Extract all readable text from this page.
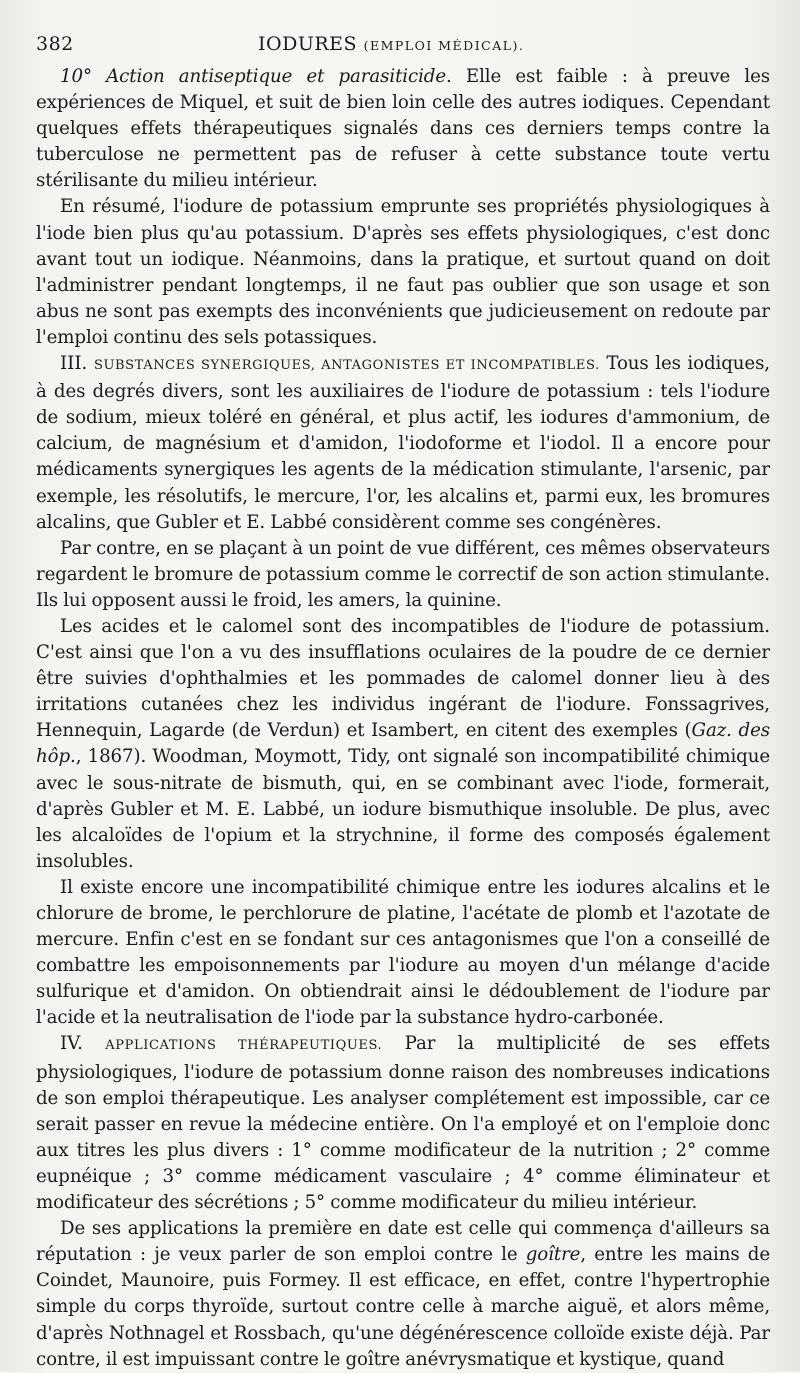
382	IODURES (EMPLOI MÉDICAL).

10° Action antiseptique et parasiticide. Elle est faible : à preuve les expériences de Miquel, et suit de bien loin celle des autres iodiques. Cependant quelques effets thérapeutiques signalés dans ces derniers temps contre la tuberculose ne permettent pas de refuser à cette substance toute vertu stérilisante du milieu intérieur.

En résumé, l'iodure de potassium emprunte ses propriétés physiologiques à l'iode bien plus qu'au potassium. D'après ses effets physiologiques, c'est donc avant tout un iodique. Néanmoins, dans la pratique, et surtout quand on doit l'administrer pendant longtemps, il ne faut pas oublier que son usage et son abus ne sont pas exempts des inconvénients que judicieusement on redoute par l'emploi continu des sels potassiques.

III. SUBSTANCES SYNERGIQUES, ANTAGONISTES ET INCOMPATIBLES. Tous les iodiques, à des degrés divers, sont les auxiliaires de l'iodure de potassium : tels l'iodure de sodium, mieux toléré en général, et plus actif, les iodures d'ammonium, de calcium, de magnésium et d'amidon, l'iodoforme et l'iodol. Il a encore pour médicaments synergiques les agents de la médication stimulante, l'arsenic, par exemple, les résolutifs, le mercure, l'or, les alcalins et, parmi eux, les bromures alcalins, que Gubler et E. Labbé considèrent comme ses congénères.

Par contre, en se plaçant à un point de vue différent, ces mêmes observateurs regardent le bromure de potassium comme le correctif de son action stimulante. Ils lui opposent aussi le froid, les amers, la quinine.

Les acides et le calomel sont des incompatibles de l'iodure de potassium. C'est ainsi que l'on a vu des insufflations oculaires de la poudre de ce dernier être suivies d'ophthalmies et les pommades de calomel donner lieu à des irritations cutanées chez les individus ingérant de l'iodure. Fonssagrives, Hennequin, Lagarde (de Verdun) et Isambert, en citent des exemples (Gaz. des hôp., 1867). Woodman, Moymott, Tidy, ont signalé son incompatibilité chimique avec le sous-nitrate de bismuth, qui, en se combinant avec l'iode, formerait, d'après Gubler et M. E. Labbé, un iodure bismuthique insoluble. De plus, avec les alcaloïdes de l'opium et la strychnine, il forme des composés également insolubles.

Il existe encore une incompatibilité chimique entre les iodures alcalins et le chlorure de brome, le perchlorure de platine, l'acétate de plomb et l'azotate de mercure. Enfin c'est en se fondant sur ces antagonismes que l'on a conseillé de combattre les empoisonnements par l'iodure au moyen d'un mélange d'acide sulfurique et d'amidon. On obtiendrait ainsi le dédoublement de l'iodure par l'acide et la neutralisation de l'iode par la substance hydro-carbonée.

IV. APPLICATIONS THÉRAPEUTIQUES. Par la multiplicité de ses effets physiologiques, l'iodure de potassium donne raison des nombreuses indications de son emploi thérapeutique. Les analyser complétement est impossible, car ce serait passer en revue la médecine entière. On l'a employé et on l'emploie donc aux titres les plus divers : 1° comme modificateur de la nutrition ; 2° comme eupnéique ; 3° comme médicament vasculaire ; 4° comme éliminateur et modificateur des sécrétions ; 5° comme modificateur du milieu intérieur.

De ses applications la première en date est celle qui commença d'ailleurs sa réputation : je veux parler de son emploi contre le goître, entre les mains de Coindet, Maunoire, puis Formey. Il est efficace, en effet, contre l'hypertrophie simple du corps thyroïde, surtout contre celle à marche aiguë, et alors même, d'après Nothnagel et Rossbach, qu'une dégénérescence colloïde existe déjà. Par contre, il est impuissant contre le goître anévrysmatique et kystique, quand
